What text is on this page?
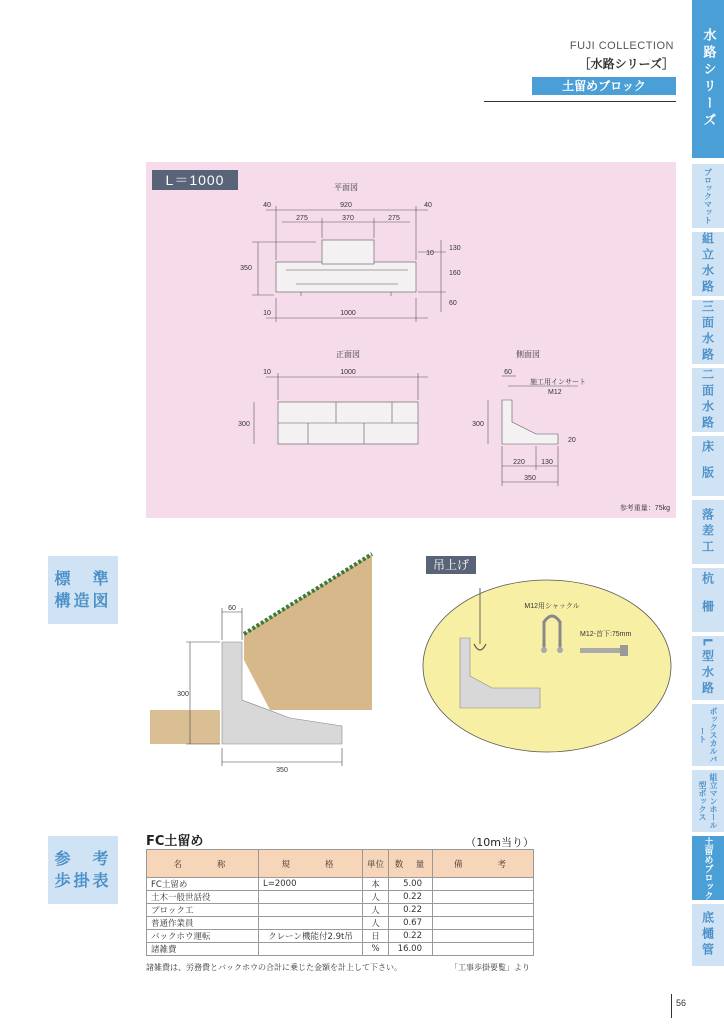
FUJI COLLECTION
［水路シリーズ］
土留めブロック	水路シリーズ
ブロックマット
組立水路
三面水路
二面水路
床版
落差工
杭柵
L型水路
ボックスカルバート
組立マンホール型ボックス
土留めブロック
底樋管
L＝1000	平面図
920
40	40
275	370	275
350
10
130
160
60
10	1000
正面図
10	1000
300
側面図
60
施工用インサート
M12
300
20
220 130
350
参考重量：75kg
標　準
構造図	60
300
350
吊上げ
M12用シャックル
M12-首下:75mm
参　考
歩掛表
FC土留め	（10m当り）
名　　称	規　　格	単位	数　量	備　　考
FC土留め	L=2000	本	5.00	
土木一般世話役		人	0.22	
ブロック工		人	0.22	
普通作業員		人	0.67	
バックホウ運転	クレーン機能付2.9t吊	日	0.22	
諸雑費		%	16.00	
諸雑費は、労務費とバックホウの合計に乗じた金額を計上して下さい。	「工事歩掛要覧」より
56
